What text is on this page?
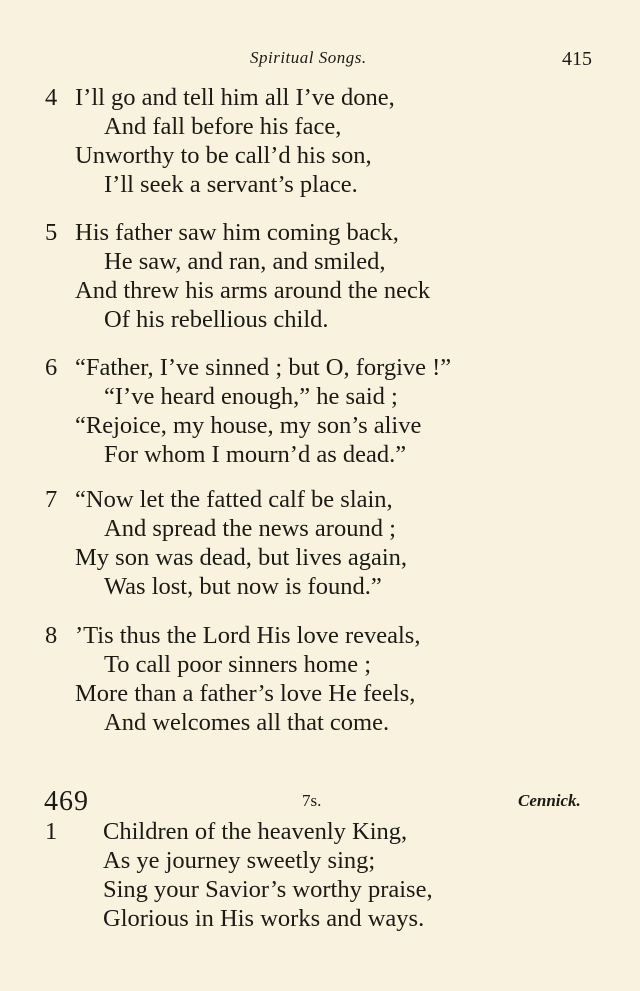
Spiritual Songs.	415
4 I’ll go and tell him all I’ve done,
And fall before his face,
Unworthy to be call’d his son,
I’ll seek a servant’s place.
5 His father saw him coming back,
He saw, and ran, and smiled,
And threw his arms around the neck
Of his rebellious child.
6 “Father, I’ve sinned ; but O, forgive !”
“I’ve heard enough,” he said ;
“Rejoice, my house, my son’s alive
For whom I mourn’d as dead.”
7 “Now let the fatted calf be slain,
And spread the news around ;
My son was dead, but lives again,
Was lost, but now is found.”
8 ’Tis thus the Lord His love reveals,
To call poor sinners home ;
More than a father’s love He feels,
And welcomes all that come.
469	7s.	Cennick.
1 Children of the heavenly King,
As ye journey sweetly sing;
Sing your Savior’s worthy praise,
Glorious in His works and ways.
